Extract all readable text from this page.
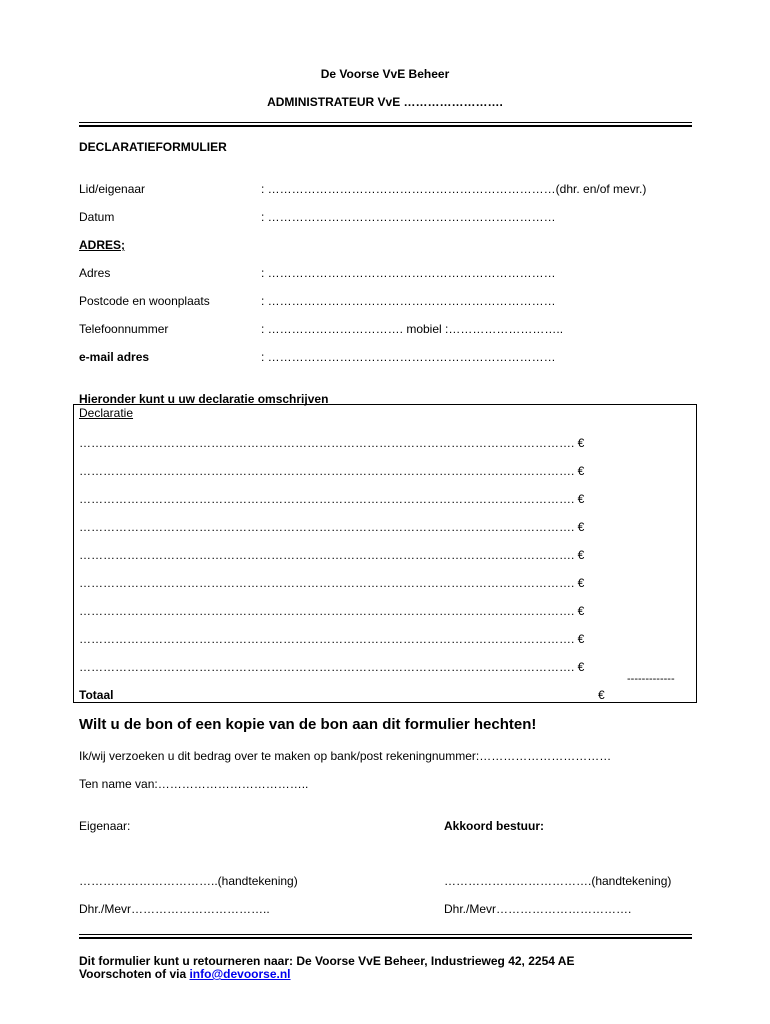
De Voorse VvE Beheer
ADMINISTRATEUR VvE …………………….
DECLARATIEFORMULIER
Lid/eigenaar	: ………………………………………………………………(dhr. en/of mevr.)
Datum	: ………………………………………………………………
ADRES;
Adres	: ………………………………………………………………
Postcode en woonplaats	: ………………………………………………………………
Telefoonnummer	: ……………………………. mobiel :………………………..
e-mail adres	: ………………………………………………………………
Hieronder kunt u uw declaratie omschrijven
Declaratie
……………………………………………………………………………………………………………. €
……………………………………………………………………………………………………………. €
……………………………………………………………………………………………………………. €
……………………………………………………………………………………………………………. €
……………………………………………………………………………………………………………. €
……………………………………………………………………………………………………………. €
……………………………………………………………………………………………………………. €
……………………………………………………………………………………………………………. €
……………………………………………………………………………………………………………. €
-------------
Totaal	€
Wilt u de bon of een kopie van de bon aan dit formulier hechten!
Ik/wij verzoeken u dit bedrag over te maken op bank/post rekeningnummer:……………………………
Ten name van:………………………………..
Eigenaar:	Akkoord bestuur:
……………………………..(handtekening)	……………………………….(handtekening)
Dhr./Mevr……………………………..	Dhr./Mevr…………………………….
Dit formulier kunt u retourneren naar: De Voorse VvE Beheer, Industrieweg 42, 2254 AE
Voorschoten of via info@devoorse.nl
